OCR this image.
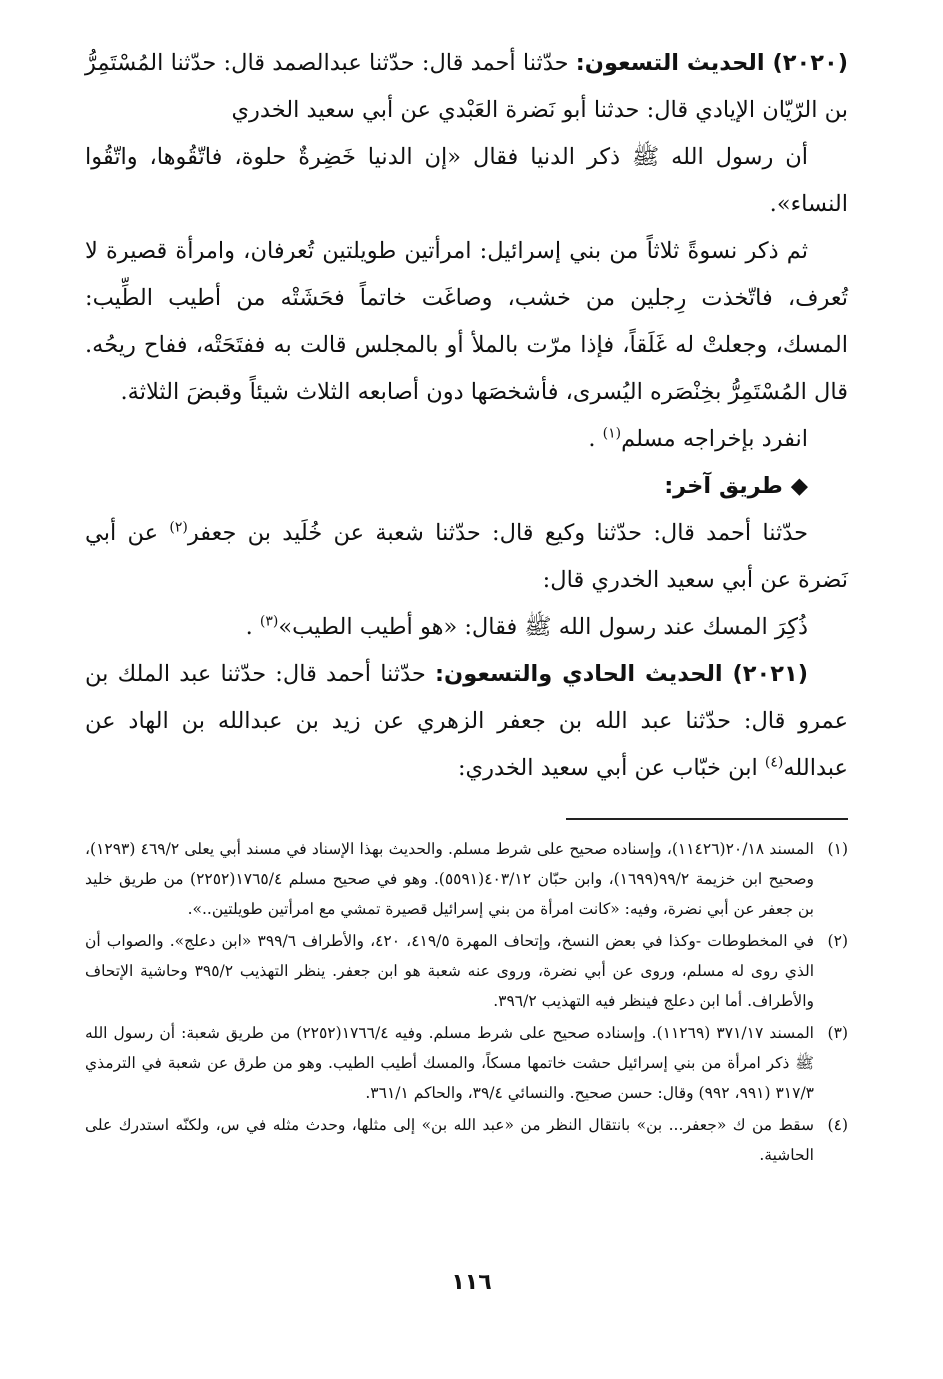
(٢٠٢٠) الحديث التسعون: حدّثنا أحمد قال: حدّثنا عبدالصمد قال: حدّثنا المُسْتَمِرُّ بن الرّيّان الإيادي قال: حدثنا أبو نَضرة العَبْدي عن أبي سعيد الخدري

أن رسول الله ﷺ ذكر الدنيا فقال «إن الدنيا خَضِرةٌ حلوة، فاتّقُوها، واتّقُوا النساء».

ثم ذكر نسوةً ثلاثاً من بني إسرائيل: امرأتين طويلتين تُعرفان، وامرأة قصيرة لا تُعرف، فاتّخذت رِجلين من خشب، وصاغَت خاتماً فحَشَتْه من أطيب الطِّيب: المسك، وجعلتْ له غَلَقاً، فإذا مرّت بالملأ أو بالمجلس قالت به ففتَحَتْه، ففاح ريحُه. قال المُسْتَمِرُّ بخِنْصَره اليُسرى، فأشخصَها دون أصابعه الثلاث شيئاً وقبضَ الثلاثة.

انفرد بإخراجه مسلم$^{(١)}$ .

◆ طريق آخر:

حدّثنا أحمد قال: حدّثنا وكيع قال: حدّثنا شعبة عن خُلَيد بن جعفر$^{(٢)}$ عن أبي نَضرة عن أبي سعيد الخدري قال:

ذُكِرَ المسك عند رسول الله ﷺ فقال: «هو أطيب الطيب»$^{(٣)}$ .

(٢٠٢١) الحديث الحادي والتسعون: حدّثنا أحمد قال: حدّثنا عبد الملك بن عمرو قال: حدّثنا عبد الله بن جعفر الزهري عن زيد بن عبدالله بن الهاد عن عبدالله$^{(٤)}$ ابن خبّاب عن أبي سعيد الخدري:

(١)
المسند ٢٠/١٨(١١٤٢٦)، وإسناده صحيح على شرط مسلم. والحديث بهذا الإسناد في مسند أبي يعلى ٤٦٩/٢ (١٢٩٣)، وصحيح ابن خزيمة ٩٩/٢(١٦٩٩)، وابن حبّان ٤٠٣/١٢(٥٥٩١). وهو في صحيح مسلم ١٧٦٥/٤(٢٢٥٢) من طريق خليد بن جعفر عن أبي نضرة، وفيه: «كانت امرأة من بني إسرائيل قصيرة تمشي مع امرأتين طويلتين..».

(٢)
في المخطوطات -وكذا في بعض النسخ، وإتحاف المهرة ٤١٩/٥، ٤٢٠، والأطراف ٣٩٩/٦ «ابن دعلج». والصواب أن الذي روى له مسلم، وروى عن أبي نضرة، وروى عنه شعبة هو ابن جعفر. ينظر التهذيب ٣٩٥/٢ وحاشية الإتحاف والأطراف. أما ابن دعلج فينظر فيه التهذيب ٣٩٦/٢.

(٣)
المسند ٣٧١/١٧ (١١٢٦٩). وإسناده صحيح على شرط مسلم. وفيه ١٧٦٦/٤(٢٢٥٢) من طريق شعبة: أن رسول الله ﷺ ذكر امرأة من بني إسرائيل حشت خاتمها مسكاً، والمسك أطيب الطيب. وهو من طرق عن شعبة في الترمذي ٣١٧/٣ (٩٩١، ٩٩٢) وقال: حسن صحيح. والنسائي ٣٩/٤، والحاكم ٣٦١/١.

(٤)
سقط من ك «جعفر... بن» بانتقال النظر من «عبد الله بن» إلى مثلها، وحدث مثله في س، ولكنّه استدرك على الحاشية.

١١٦
